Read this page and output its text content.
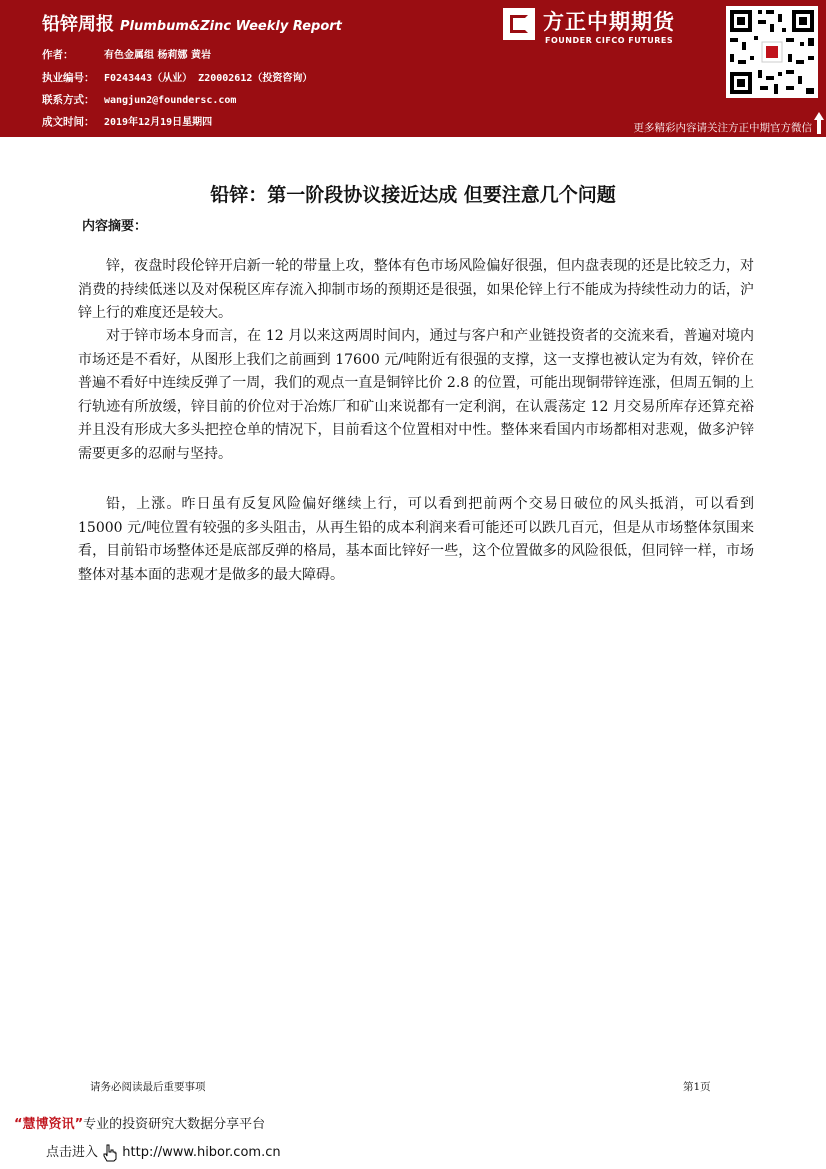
铅锌周报 Plumbum&Zinc Weekly Report
作者：	有色金属组 杨莉娜 黄岩
执业编号： F0243443（从业） Z20002612（投资咨询）
联系方式： wangjun2@foundersc.com
成文时间： 2019年12月19日星期四
方正中期期货
FOUNDER CIFCO FUTURES
更多精彩内容请关注方正中期官方微信
铅锌：第一阶段协议接近达成 但要注意几个问题
内容摘要：

锌，夜盘时段伦锌开启新一轮的带量上攻，整体有色市场风险偏好很强，但内盘表现的还是比较乏力，对消费的持续低迷以及对保税区库存流入抑制市场的预期还是很强，如果伦锌上行不能成为持续性动力的话，沪锌上行的难度还是较大。

对于锌市场本身而言，在 12 月以来这两周时间内，通过与客户和产业链投资者的交流来看，普遍对境内市场还是不看好，从图形上我们之前画到 17600 元/吨附近有很强的支撑，这一支撑也被认定为有效，锌价在普遍不看好中连续反弹了一周，我们的观点一直是铜锌比价 2.8 的位置，可能出现铜带锌连涨，但周五铜的上行轨迹有所放缓，锌目前的价位对于冶炼厂和矿山来说都有一定利润，在认震荡定 12 月交易所库存还算充裕并且没有形成大多头把控仓单的情况下，目前看这个位置相对中性。整体来看国内市场都相对悲观，做多沪锌需要更多的忍耐与坚持。

铅，上涨。昨日虽有反复风险偏好继续上行，可以看到把前两个交易日破位的风头抵消，可以看到 15000 元/吨位置有较强的多头阻击，从再生铅的成本利润来看可能还可以跌几百元，但是从市场整体氛围来看，目前铅市场整体还是底部反弹的格局，基本面比锌好一些，这个位置做多的风险很低，但同锌一样，市场整体对基本面的悲观才是做多的最大障碍。

请务必阅读最后重要事项	第1页
“慧博资讯”专业的投资研究大数据分享平台
点击进入 http://www.hibor.com.cn
